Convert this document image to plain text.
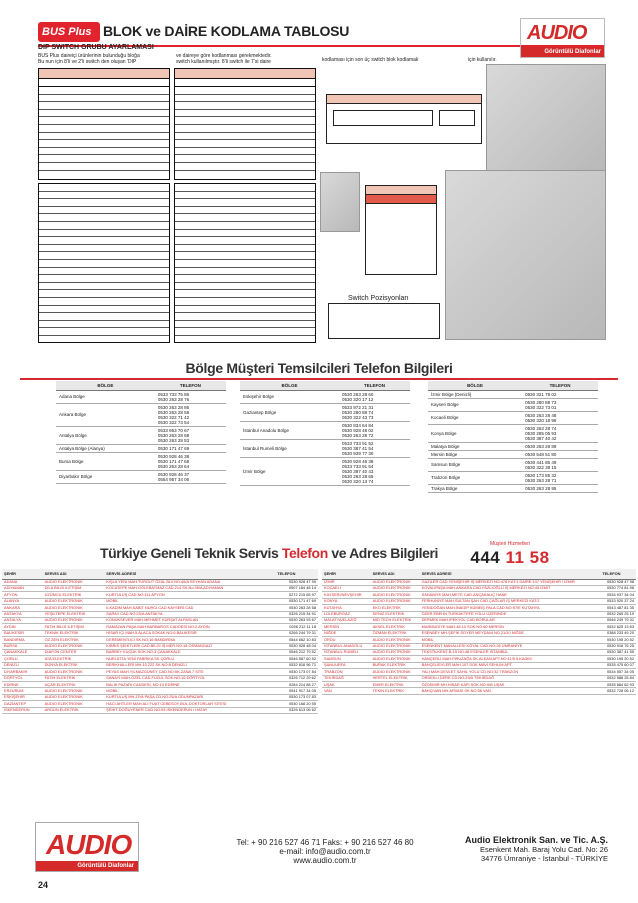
BUS Plus BLOK ve DAİRE KODLAMA TABLOSU	AUDIO
Görüntülü Diafonlar
DIP SWITCH GRUBU AYARLAMASI
BUS Plus daireiçi ürünlerinin bulunduğu bloğa
Bu nun için 8’li ve 2’li switch den oluşan ‘DİP
ve daireye göre kodlanması gerekmektedir.
switch kullanılmıştır. 8’li switch ile 7’si daire	kodlaması için son üç switch blok kodlamak	için kullanılır.
Switch Pozisyonları
Bölge Müşteri Temsilcileri Telefon Bilgileri
BÖLGE	TELEFON
Adana Bölge	0533 733 75 86
0530 263 28 76
Ankara Bölge	0530 263 28 86
0530 263 28 58
0530 322 71 42
0530 322 73 54
Antalya Bölge	0533 953 70 67
0530 263 28 68
0530 263 28 53
Antalya Bölge (Alanya)	0530 171 47 69
Bursa Bölge	0530 928 46 38
0530 171 47 68
0530 263 28 64
Diyarbakır Bölge	0530 928 46 37
0554 957 34 06
BÖLGE	TELEFON
Eskişehir Bölge	0530 263 28 60
0530 320 17 12
Gaziantep Bölge	0533 972 21 31
0530 280 88 74
0530 322 43 73
İstanbul Anadolu Bölge	0530 834 64 84
0530 928 48 02
0530 263 28 72
İstanbul Rumeli Bölge	0533 733 91 52
0530 387 41 54
0530 939 77 30
İzmir Bölge	0530 928 46 38
0533 733 91 54
0530 387 40 43
0530 263 28 65
0530 320 13 74
BÖLGE	TELEFON
İzmir Bölge (Denizli)	0530 321 78 02
Kayseri Bölge	0530 280 88 73
0530 322 73 01
Kocaeli Bölge	0530 263 28 48
0530 320 18 96
Konya Bölge	0530 263 28 74
0530 285 05 93
0530 387 40 42
Malatya Bölge	0530 263 28 89
Mersin Bölge	0530 548 51 80
Samsun Bölge	0530 441 86 49
0530 322 38 15
Trabzon Bölge	0530 173 85 32
0530 263 28 71
Trakya Bölge	0530 263 28 95
Türkiye Geneli Teknik Servis Telefon ve Adres Bilgileri
Müşteri Hizmetleri
444 11 58
ŞEHİR	SERVİS ADI	SERVİS ADRESİ	TELEFON
ADANA	AUDIO ELEKTRONİK	KIŞLA YENİ MAH.TURGUT ÖZAL BLV.NO:46/A SEYHAN ADANA	0530 928 47 99
ADIYAMAN	DİLA BİLGİ İLETİŞİM	KOCATEPE MAH.GÖLEBATMAZ CAD.214 SK.No:35/A ADIYAMAN	0507 184 48 14
AFYON	ÜZÜMCÜ ELEKTRİK	KURTULUŞ CAD.NO:111 AFYON	0272 215 65 97
ALANYA	AUDIO ELEKTRONİK	MOBİL	0530 171 47 69
ANKARA	AUDIO ELEKTRONİK	İLKADIM MAH.SABİT NURCİ.CAD.KAYSERİ CAD	0530 263 28 58
ANTAKYA	YEŞİLTEPE ELEKTRİK	SARAY CAD.NO:25/A ANTAKYA	0326 215 34 91
ANTALYA	AUDIO ELEKTRONİK	KONUKSEVER MAH.MEHMET KÜRŞAT ALPASLAN	0530 263 93 67
AYDIN	FATİH BİLGİ İLETİŞİM	RAMAZAN PAŞA MAH.BARBAROS CADDESİ NO:2 AYDIN	0256 212 11 18
BALIKESİR	TEKNİK ELEKTRİK	HİSAR İÇİ MAH.5.ALACA SOKAK NO:6 BALIKESİR	0266 244 79 31
BANDIRMA	ÖZ ZEN ELEKTRİK	DEREMENTUCİ SK.NO:16 BANDIRMA	0544 662 10 83
BURSA	AUDIO ELEKTRONİK	KIBRIS ŞEHİTLERİ CAD.BİLGİ İŞ MER.NO:18 OSMANGAZİ	0530 928 48 04
ÇANAKKALE	DİAFON CENTER	BARBEY KUÇÜK SOK.NO:3 ÇANAKKALE	0546 212 79 52
ÇORLU	ATA ELEKTRİK	NURİ ATTA YENİ FABRİKA SK.ÇORLU	0546 587 60 52
DENİZLİ	DÜNYA ELEKTRİK	BERIKHALLERİ MH.10.222 SK.NO:8 DENİZLİ	0532 816 96 71
DİYARBAKIR	AUDIO ELEKTRONİK	PEYAS MAH.YILMAZGÜNEY CAD.NO:5K.ZANA 7 SİTE	0530 173 07 84
DÖRTYOL	FATİH ELEKTRİK	SANAYİ MAH.ÖZEL CAD.FUZUL SOK.NO:16 DÖRTYOL	0326 712 29 62
EDİRNE	UÇAR ELEKTRİK	BALIK PAZARI CADDESİ, NO:10 EDİRNE	0284 214 88 27
ERZURUM	AUDIO ELEKTRONİK	MOBİL	0541 917 34 05
ESKİŞEHİR	AUDIO ELEKTRONİK	KURTULUŞ MH.ZİYA PAŞA CD.NO:25/A ODUNPAZARI	0530 173 07 83
GAZİANTEP	AUDIO ELEKTRONİK	HACI AHTLER MAH.ALİ FUAT CEBESOY BUL.DOKTORLAR SİTESİ	0530 168 20 55
İSKENDERUN	ARGÜN ELEKTRİK	ŞEHİT DOĞUYENER CAD.NO:53 İSKENDERUN / HATAY	0326 613 06 62
ŞEHİR	SERVİS ADI	SERVİS ADRESİ	TELEFON
İZMİR	AUDIO ELEKTRONİK	GAZİLER CAD.YENİŞEHİR İŞ MERKEZİ NO:478 KAT:1 DAİRE:107 YENİŞEHİR / İZMİR	0530 928 47 98
KOCAELİ	AUDIO ELEKTRONİK	KOVALIPAŞA MAH.ANKARA CAD.FAZLIOĞLU İŞ MERKEZİ NO:45 İZMİT	0530 774 81 96
KAYSERİ/NEVŞEHİR	AUDIO ELEKTRONİK	SAHABİYE MAH.METE CAD.ANÇAKALIÇ HANE	0534 937 34 04
KONYA	AUDIO ELEKTRONİK	FERHUNİYE MAH.SULTAN ŞAH CAD.ÇAĞLAR İŞ MERKEZİ KAT:2	0533 920 37 24
KÜTAHYA	EKO ELEKTRİK	YENİDOĞAN MAH.İNAGİP KÜMEİŞ PALA CAD.NO:97/E KÜTAHYA	0543 487 81 35
LÜLEBURGAZ	DENİZ ELEKTRİK	ÖZER EBEHN TURKAKTEFE YOLU ÜZERİNDE	0532 265 25 19
MALATYA/ELAZIĞ	MID TECH ELEKTRİK	DERMEK MAH.İPEKYOL CAD.BORULAR	0546 249 79 31
MERSİN	AKSEL ELEKTRİK	MAHMUDİYE MAH.48.10 SOK.NO:60 MERSİN	0532 625 13 63
NİĞDE	ÖZMAN ELEKTRİK	ESENBEY MH.ŞEFİK SOYER MEYDANI NO.21/10 NİĞDE	0388 233 49 20
ORDU	AUDIO ELEKTRONİK	MOBİL	0530 195 20 52
İSTANBUL ANADOLU	AUDIO ELEKTRONİK	ESENKENT MAHALLESİ KÖYAL CAD.NO:26 ÜMRANİYE	0530 918 76 25
İSTANBUL RUMELİ	AUDIO ELEKTRONİK	TEKSTİLKENT B-15 NO:48 ESENLER İSTANBUL	0530 387 41 55
SAMSUN	AUDIO ELEKTRONİK	HANÇERLİ MAH.FİRUZAĞA SK.ALKAN APT.NO:11/5 İLKADIM	0530 195 20 52
ŞANLIURFA	BURAK ELEKTRİK	BAHÇELİEVLER MAH.107.SOK.MAVİ SEHLİM APT.	0535 475 60 07
TRABZON	AUDIO ELEKTRONİK	YALI MAH.DEVLET SAHİL YOLU CD.NO:32 TRABZON	0534 557 34 05
TEKİRDAĞ	HERTEL ELEKTRİK	ORDEKLİ DERE CD.NO:29/A TEKİRDAĞ	0532 588 25 84
UŞAK	EMER ELEKTRİK	ÖZDEMİR MH.HİSAR KAPI SOK.NO:9/B UŞAK	0535 684 62 93
VAN	TEKIN ELEKTRİK	BAHÇIVAN MH.ARVASI SK.NO:56 VAN	0532 728 06 12
AUDIO
Görüntülü Diafonlar
Tel: + 90 216 527 46 71 Faks: + 90 216 527 46 80
e-mail: info@audio.com.tr
www.audio.com.tr
Audio Elektronik San. ve Tic. A.Ş.
Esenkent Mah. Baraj Yolu Cad. No: 26
34776 Ümraniye - İstanbul - TÜRKİYE
24
